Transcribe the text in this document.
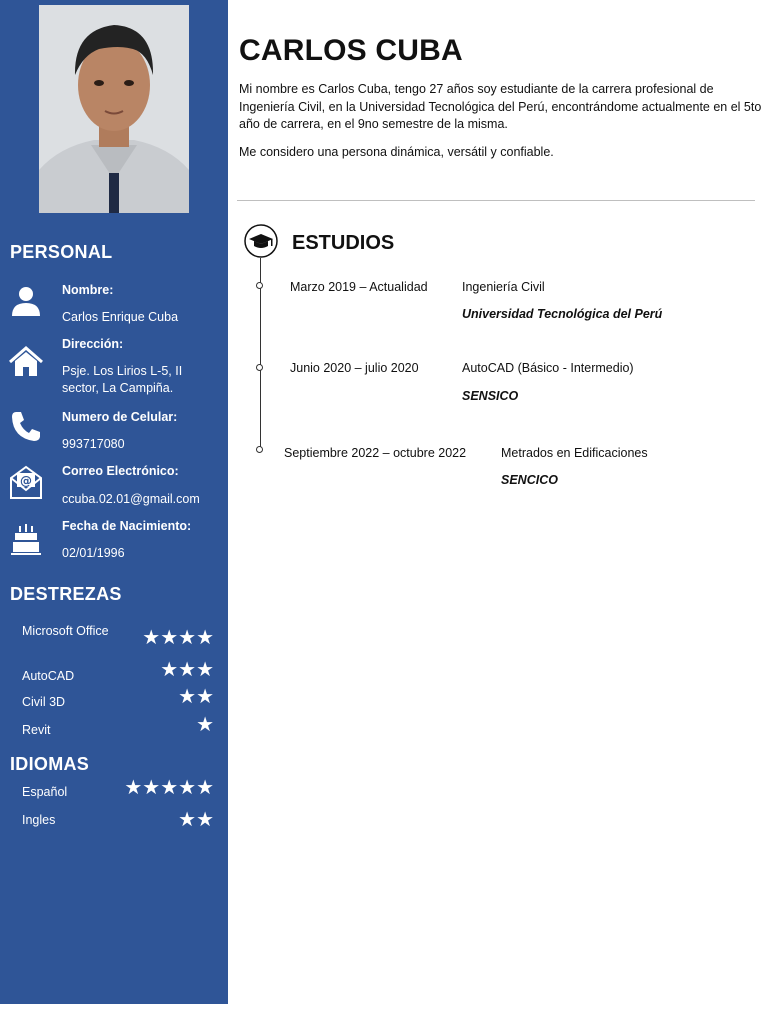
PERSONAL
Nombre:
Carlos Enrique Cuba
Dirección:
Psje. Los Lirios L-5, II sector, La Campiña.
Numero de Celular:
993717080
@
Correo Electrónico:
ccuba.02.01@gmail.com
Fecha de Nacimiento:
02/01/1996
DESTREZAS
Microsoft Office	★★★★
AutoCAD	★★★
Civil 3D	★★
Revit	★
IDIOMAS
Español	★★★★★
Ingles	★★
CARLOS CUBA

Mi nombre es Carlos Cuba, tengo 27 años soy estudiante de la carrera profesional de Ingeniería Civil, en la Universidad Tecnológica del Perú, encontrándome actualmente en el 5to año de carrera, en el 9no semestre de la misma.

Me considero una persona dinámica, versátil y confiable.

ESTUDIOS
Marzo 2019 – Actualidad	Ingeniería Civil
Universidad Tecnológica del Perú
Junio 2020 – julio 2020	AutoCAD (Básico - Intermedio)
SENSICO
Septiembre 2022 – octubre 2022	Metrados en Edificaciones
SENCICO
